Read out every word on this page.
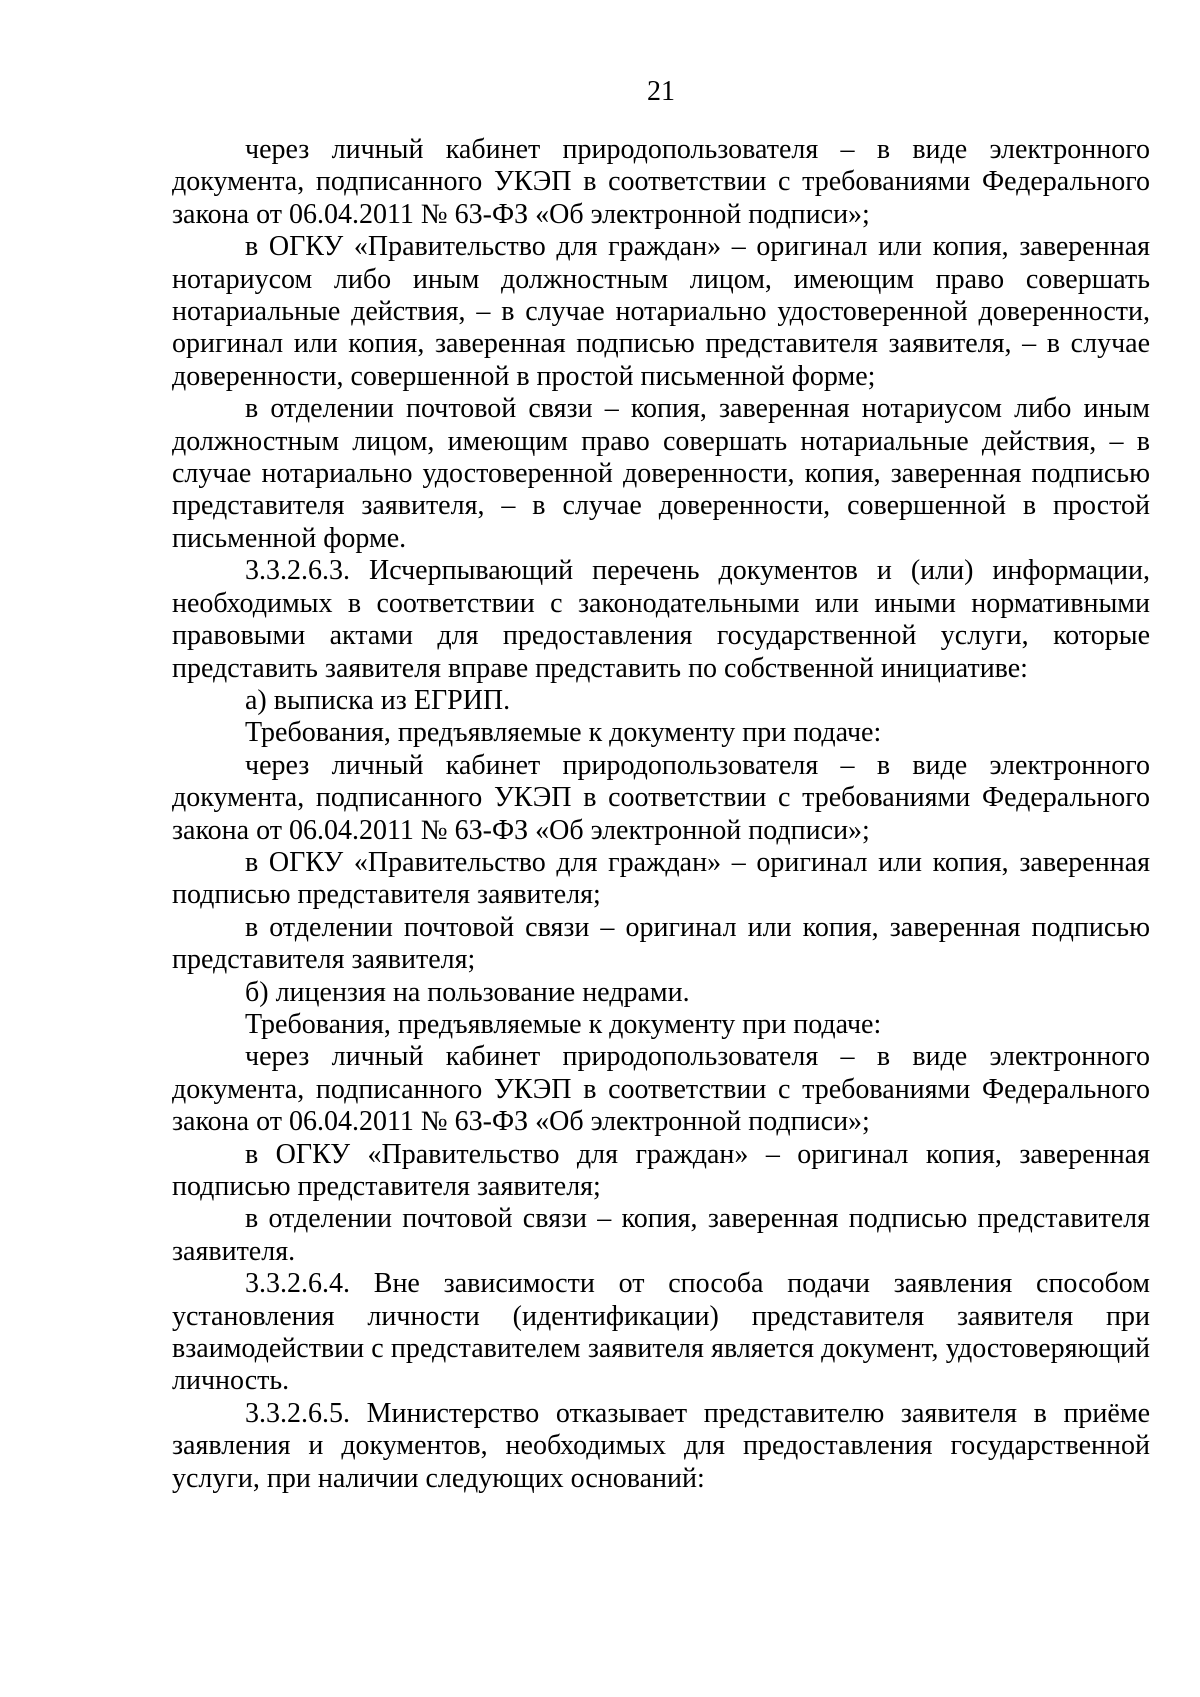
21

через личный кабинет природопользователя – в виде электронного документа, подписанного УКЭП в соответствии с требованиями Федерального закона от 06.04.2011 № 63-ФЗ «Об электронной подписи»;

в ОГКУ «Правительство для граждан» – оригинал или копия, заверенная нотариусом либо иным должностным лицом, имеющим право совершать нотариальные действия, – в случае нотариально удостоверенной доверенности, оригинал или копия, заверенная подписью представителя заявителя, – в случае доверенности, совершенной в простой письменной форме;

в отделении почтовой связи – копия, заверенная нотариусом либо иным должностным лицом, имеющим право совершать нотариальные действия, – в случае нотариально удостоверенной доверенности, копия, заверенная подписью представителя заявителя, – в случае доверенности, совершенной в простой письменной форме.

3.3.2.6.3. Исчерпывающий перечень документов и (или) информации, необходимых в соответствии с законодательными или иными нормативными правовыми актами для предоставления государственной услуги, которые представить заявителя вправе представить по собственной инициативе:

а) выписка из ЕГРИП.

Требования, предъявляемые к документу при подаче:

через личный кабинет природопользователя – в виде электронного документа, подписанного УКЭП в соответствии с требованиями Федерального закона от 06.04.2011 № 63-ФЗ «Об электронной подписи»;

в ОГКУ «Правительство для граждан» – оригинал или копия, заверенная подписью представителя заявителя;

в отделении почтовой связи – оригинал или копия, заверенная подписью представителя заявителя;

б) лицензия на пользование недрами.

Требования, предъявляемые к документу при подаче:

через личный кабинет природопользователя – в виде электронного документа, подписанного УКЭП в соответствии с требованиями Федерального закона от 06.04.2011 № 63-ФЗ «Об электронной подписи»;

в ОГКУ «Правительство для граждан» – оригинал копия, заверенная подписью представителя заявителя;

в отделении почтовой связи – копия, заверенная подписью представителя заявителя.

3.3.2.6.4. Вне зависимости от способа подачи заявления способом установления личности (идентификации) представителя заявителя при взаимодействии с представителем заявителя является документ, удостоверяющий личность.

3.3.2.6.5. Министерство отказывает представителю заявителя в приёме заявления и документов, необходимых для предоставления государственной услуги, при наличии следующих оснований:
